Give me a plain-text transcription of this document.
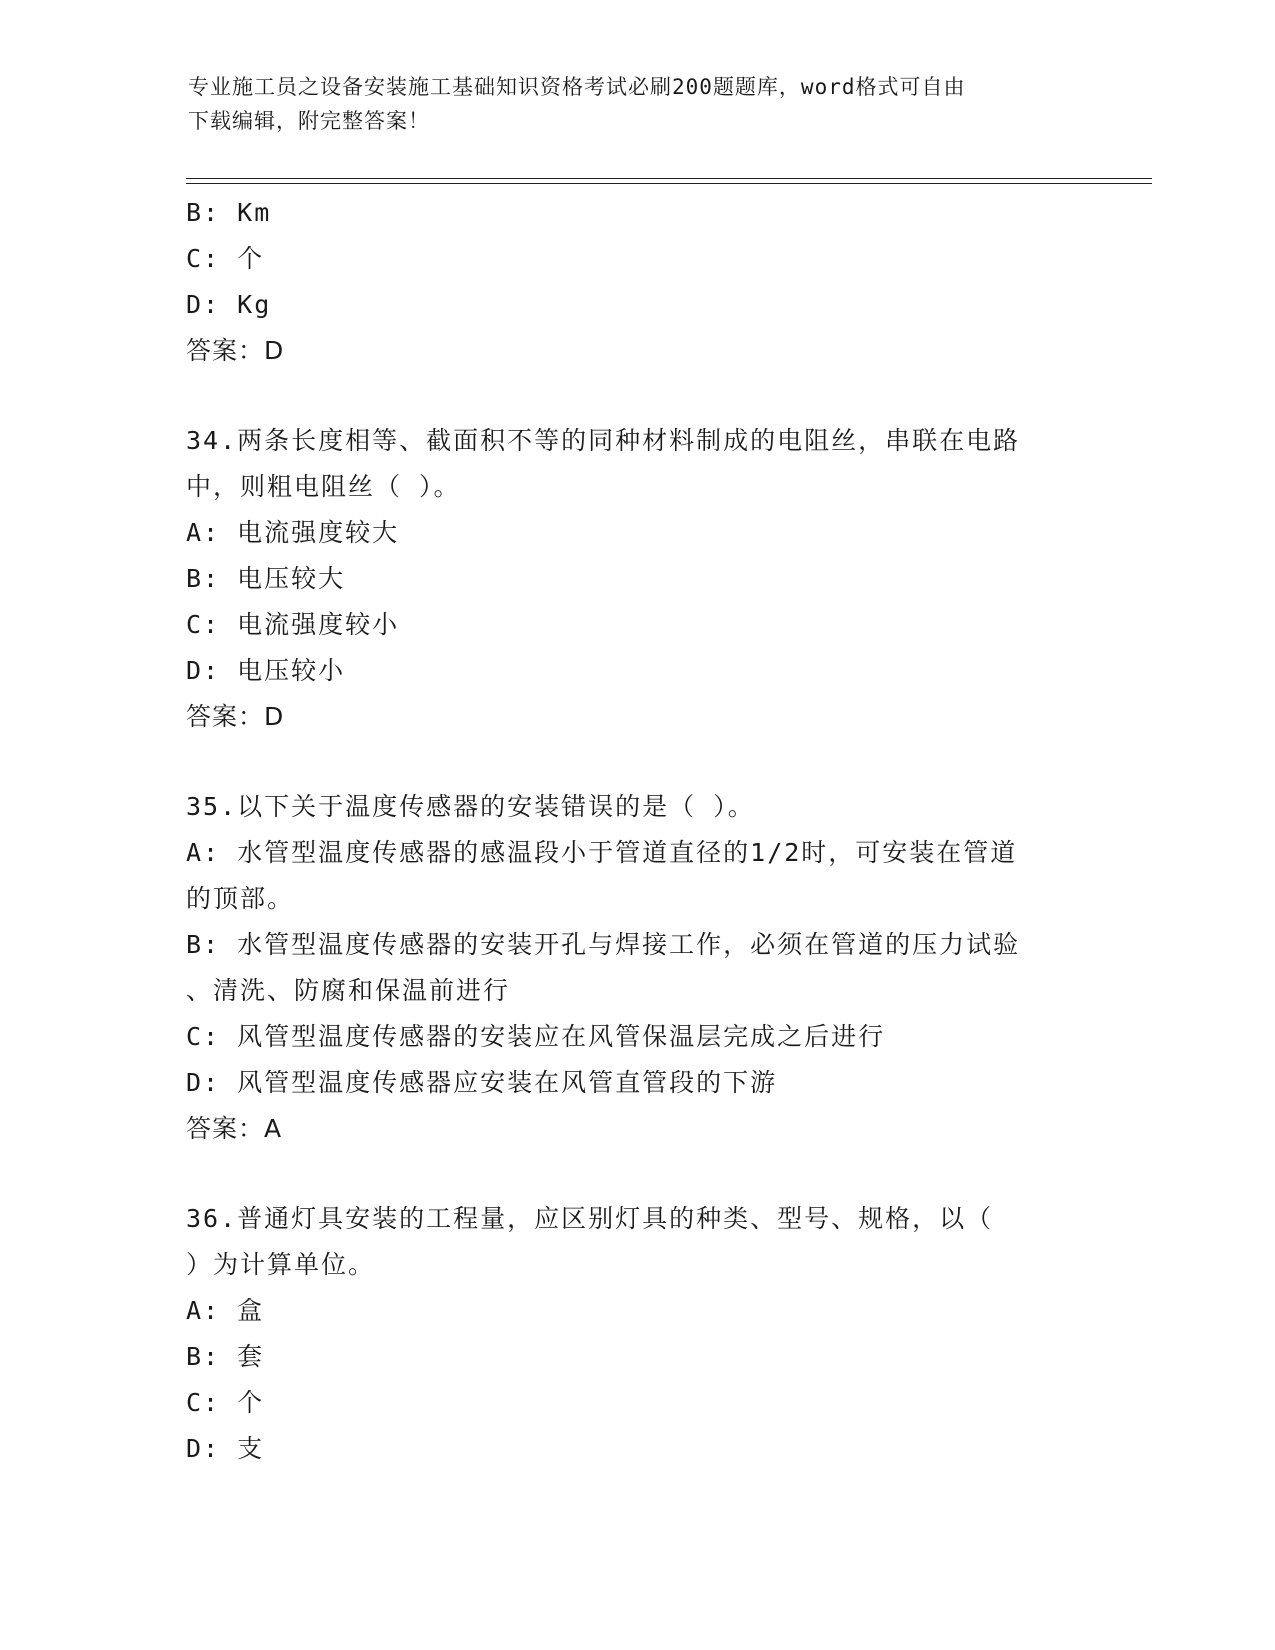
专业施工员之设备安装施工基础知识资格考试必刷200题题库，word格式可自由
下载编辑，附完整答案！
B: Km
C: 个
D: Kg
答案：D
34.两条长度相等、截面积不等的同种材料制成的电阻丝，串联在电路
中，则粗电阻丝（ ）。
A: 电流强度较大
B: 电压较大
C: 电流强度较小
D: 电压较小
答案：D
35.以下关于温度传感器的安装错误的是（ ）。
A: 水管型温度传感器的感温段小于管道直径的1/2时，可安装在管道
的顶部。
B: 水管型温度传感器的安装开孔与焊接工作，必须在管道的压力试验
、清洗、防腐和保温前进行
C: 风管型温度传感器的安装应在风管保温层完成之后进行
D: 风管型温度传感器应安装在风管直管段的下游
答案：A
36.普通灯具安装的工程量，应区别灯具的种类、型号、规格，以（
）为计算单位。
A: 盒
B: 套
C: 个
D: 支
